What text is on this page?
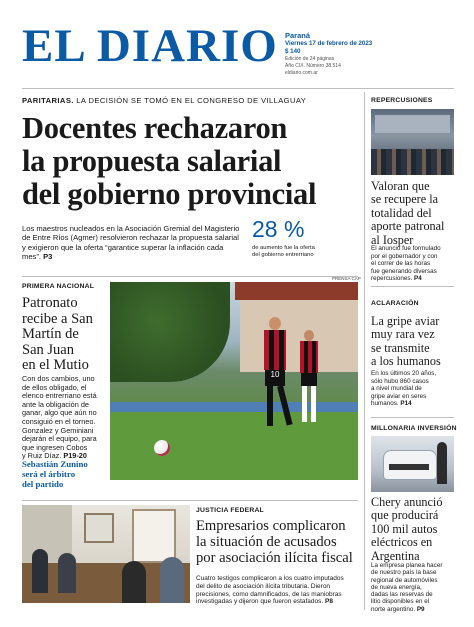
EL DIARIO Paraná
Viernes 17 de febrero de 2023
$ 140
Edición de 24 páginas
Año CIX. Número 38.514
eldiario.com.ar
PARITARIAS. LA DECISIÓN SE TOMÓ EN EL CONGRESO DE VILLAGUAY
Docentes rechazaron
la propuesta salarial
del gobierno provincial
Los maestros nucleados en la Asociación Gremial del Magisterio de Entre Ríos (Agmer) resolvieron rechazar la propuesta salarial y exigieron que la oferta “garantice superar la inflación cada mes”. P3
28 %
de aumento fue la oferta
del gobierno entrerriano
PRIMERA NACIONAL
PRENSA CAP
Patronato
recibe a San
Martín de
San Juan
en el Mutio
Con dos cambios, uno
de ellos obligado, el
elenco entrerriano está
ante la obligación de
ganar, algo que aún no
consiguió en el torneo.
Gonzalez y Geminiani
dejarán el equipo, para
que ingresen Cobos
y Ruiz Díaz. P19-20
Sebastián Zunino
será el árbitro
del partido
10
JUSTICIA FEDERAL
Empresarios complicaron
la situación de acusados
por asociación ilícita fiscal
Cuatro testigos complicaron a los cuatro imputados
del delito de asociación ilícita tributaria. Dieron
precisiones, como damnificados, de las maniobras
investigadas y dijeron que fueron estafados. P8
REPERCUSIONES
Valoran que
se recupere la
totalidad del
aporte patronal
al Iosper
El anuncio fue formulado
por el gobernador y con
el correr de las horas
fue generando diversas
repercusiones. P4
ACLARACIÓN
La gripe aviar
muy rara vez
se transmite
a los humanos
En los últimos 20 años,
sólo hubo 860 casos
a nivel mundial de
gripe aviar en seres
humanos. P14
MILLONARIA INVERSIÓN
Chery anunció
que producirá
100 mil autos
eléctricos en
Argentina
La empresa planea hacer
de nuestro país la base
regional de automóviles
de nueva energía,
dadas las reservas de
litio disponibles en el
norte argentino. P9
